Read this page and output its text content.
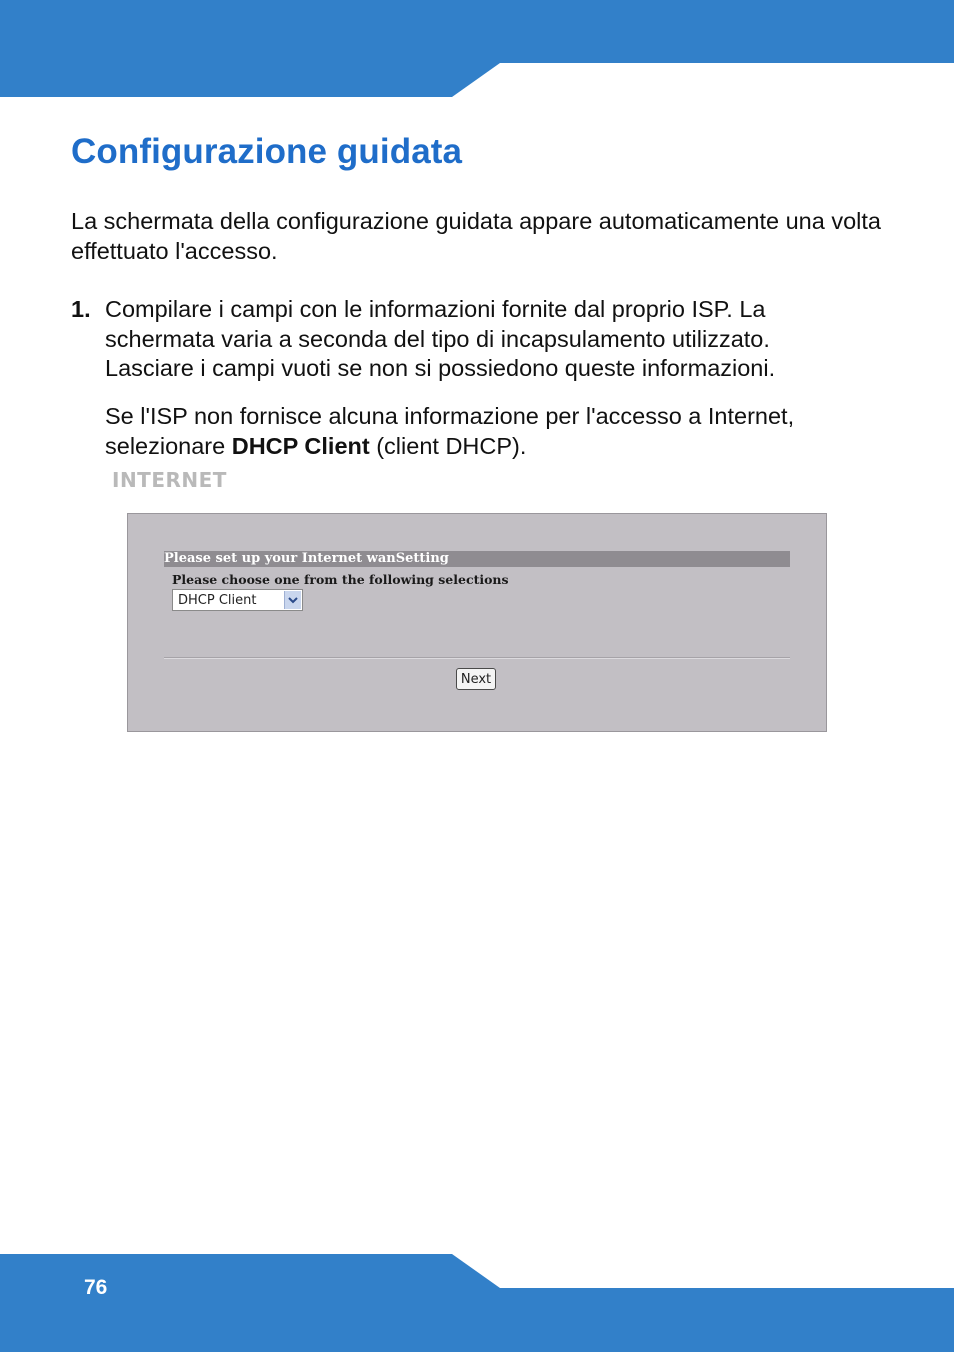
Configurazione guidata

La schermata della configurazione guidata appare automaticamente una volta effettuato l'accesso.

1. Compilare i campi con le informazioni fornite dal proprio ISP. La schermata varia a seconda del tipo di incapsulamento utilizzato. Lasciare i campi vuoti se non si possiedono queste informazioni.

Se l'ISP non fornisce alcuna informazione per l'accesso a Internet, selezionare DHCP Client (client DHCP).

INTERNET
Please set up your Internet wanSetting
Please choose one from the following selections
DHCP Client
Next
76
